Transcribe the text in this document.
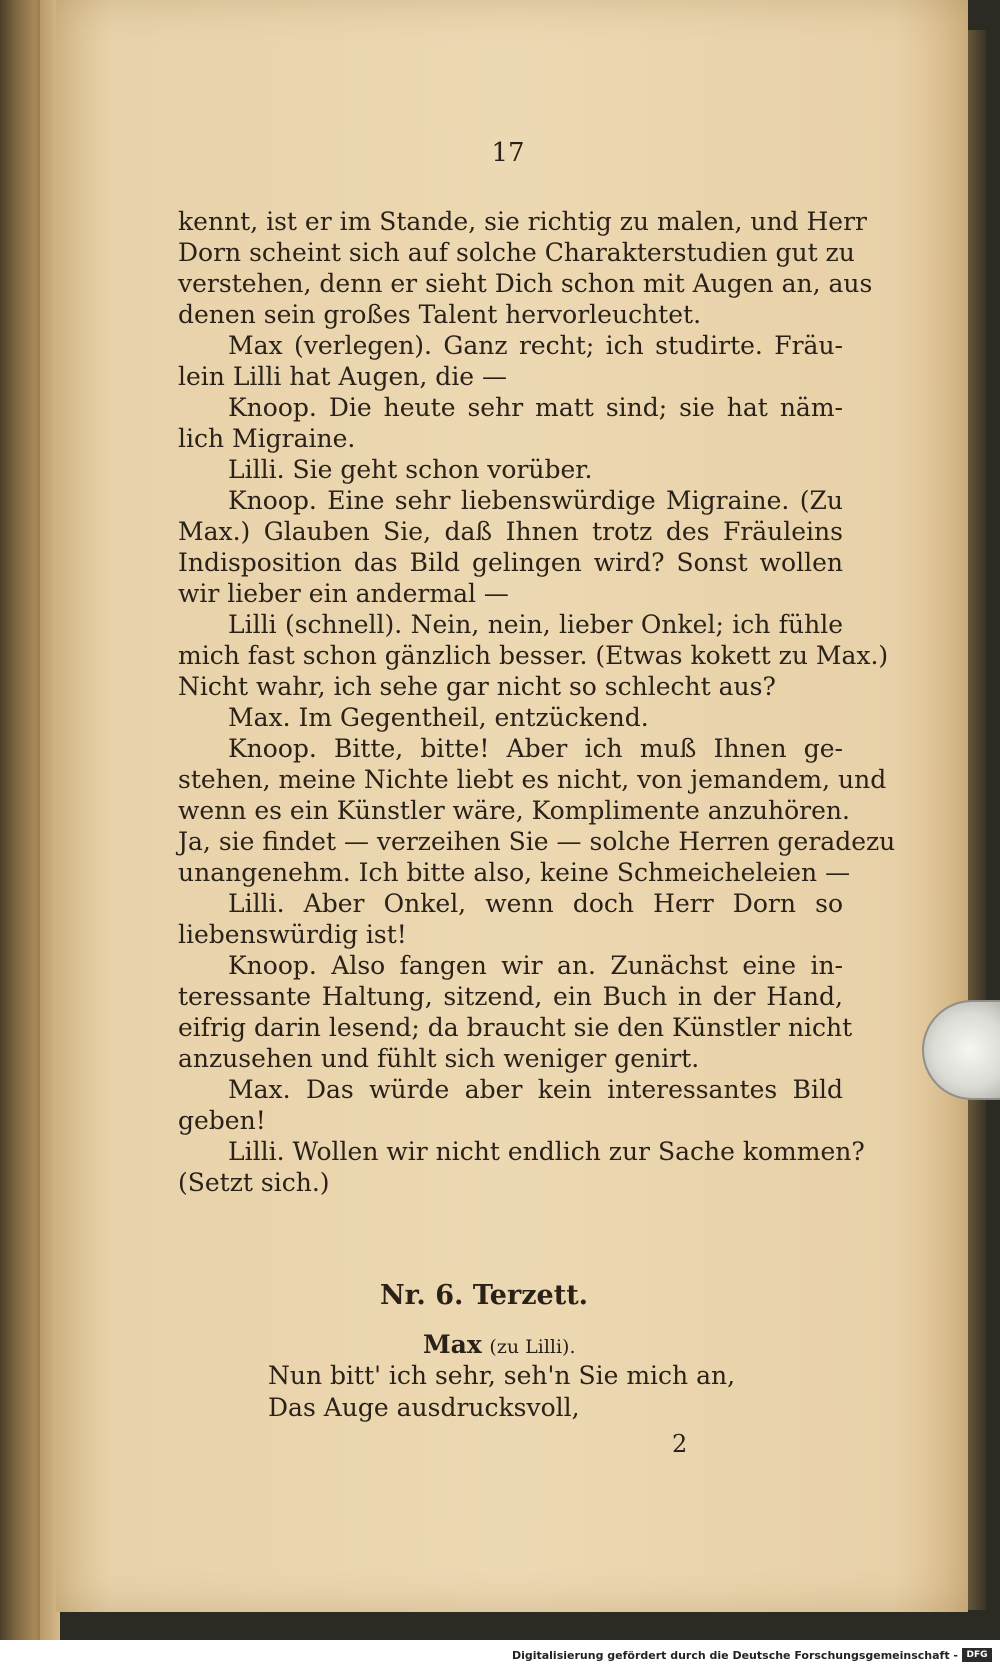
17
kennt, ist er im Stande, sie richtig zu malen, und Herr
Dorn scheint sich auf solche Charakterstudien gut zu
verstehen, denn er sieht Dich schon mit Augen an, aus
denen sein großes Talent hervorleuchtet.
Max (verlegen). Ganz recht; ich studirte. Fräu-
lein Lilli hat Augen, die —
Knoop. Die heute sehr matt sind; sie hat näm-
lich Migraine.
Lilli. Sie geht schon vorüber.
Knoop. Eine sehr liebenswürdige Migraine. (Zu
Max.) Glauben Sie, daß Ihnen trotz des Fräuleins
Indisposition das Bild gelingen wird? Sonst wollen
wir lieber ein andermal —
Lilli (schnell). Nein, nein, lieber Onkel; ich fühle
mich fast schon gänzlich besser. (Etwas kokett zu Max.)
Nicht wahr, ich sehe gar nicht so schlecht aus?
Max. Im Gegentheil, entzückend.
Knoop. Bitte, bitte! Aber ich muß Ihnen ge-
stehen, meine Nichte liebt es nicht, von jemandem, und
wenn es ein Künstler wäre, Komplimente anzuhören.
Ja, sie findet — verzeihen Sie — solche Herren geradezu
unangenehm. Ich bitte also, keine Schmeicheleien —
Lilli. Aber Onkel, wenn doch Herr Dorn so
liebenswürdig ist!
Knoop. Also fangen wir an. Zunächst eine in-
teressante Haltung, sitzend, ein Buch in der Hand,
eifrig darin lesend; da braucht sie den Künstler nicht
anzusehen und fühlt sich weniger genirt.
Max. Das würde aber kein interessantes Bild
geben!
Lilli. Wollen wir nicht endlich zur Sache kommen?
(Setzt sich.)
Nr. 6. Terzett.
Max (zu Lilli).
Nun bitt' ich sehr, seh'n Sie mich an,
Das Auge ausdrucksvoll,
2
Digitalisierung gefördert durch die Deutsche Forschungsgemeinschaft - DFG
